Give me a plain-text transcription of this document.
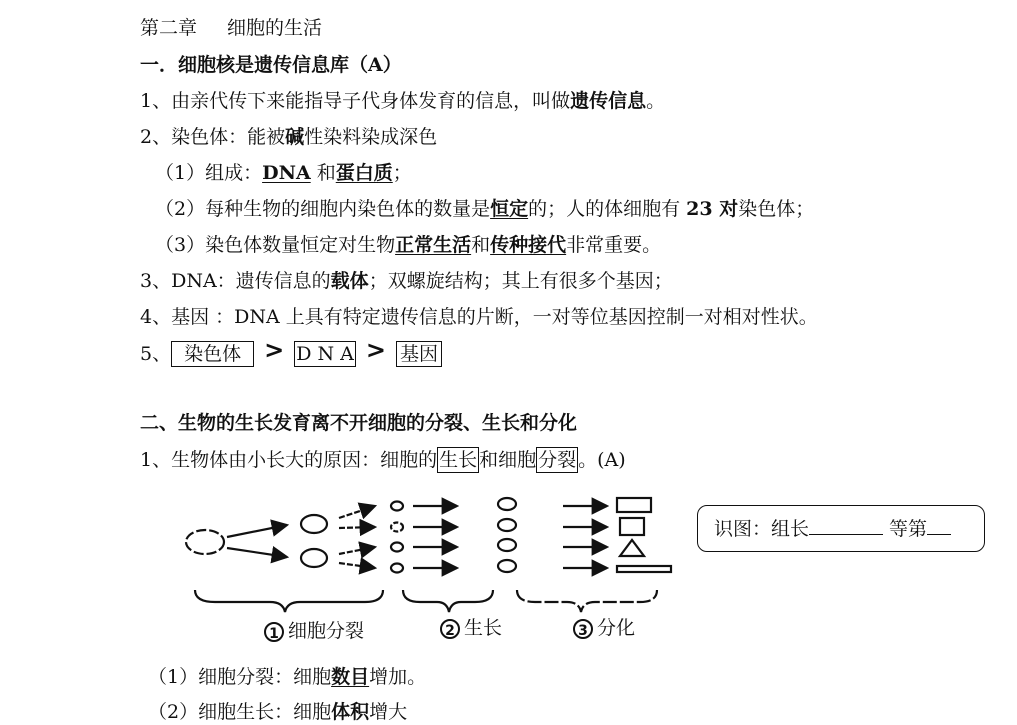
第二章 细胞的生活
一．细胞核是遗传信息库（A）
1、由亲代传下来能指导子代身体发育的信息，叫做遗传信息。
2、染色体：能被碱性染料染成深色
（1）组成：DNA 和蛋白质；
（2）每种生物的细胞内染色体的数量是恒定的；人的体细胞有 23 对染色体；
（3）染色体数量恒定对生物正常生活和传种接代非常重要。
3、DNA：遗传信息的载体；双螺旋结构；其上有很多个基因；
4、基因 ：DNA 上具有特定遗传信息的片断，一对等位基因控制一对相对性状。
5、 染色体 > D N A > 基因
二、生物的生长发育离不开细胞的分裂、生长和分化
1、生物体由小长大的原因：细胞的 生长 和细胞 分裂 。(A)
1 细胞分裂	2 生长	3 分化
识图：组长	等第
（1）细胞分裂：细胞数目增加。
（2）细胞生长：细胞体积增大
